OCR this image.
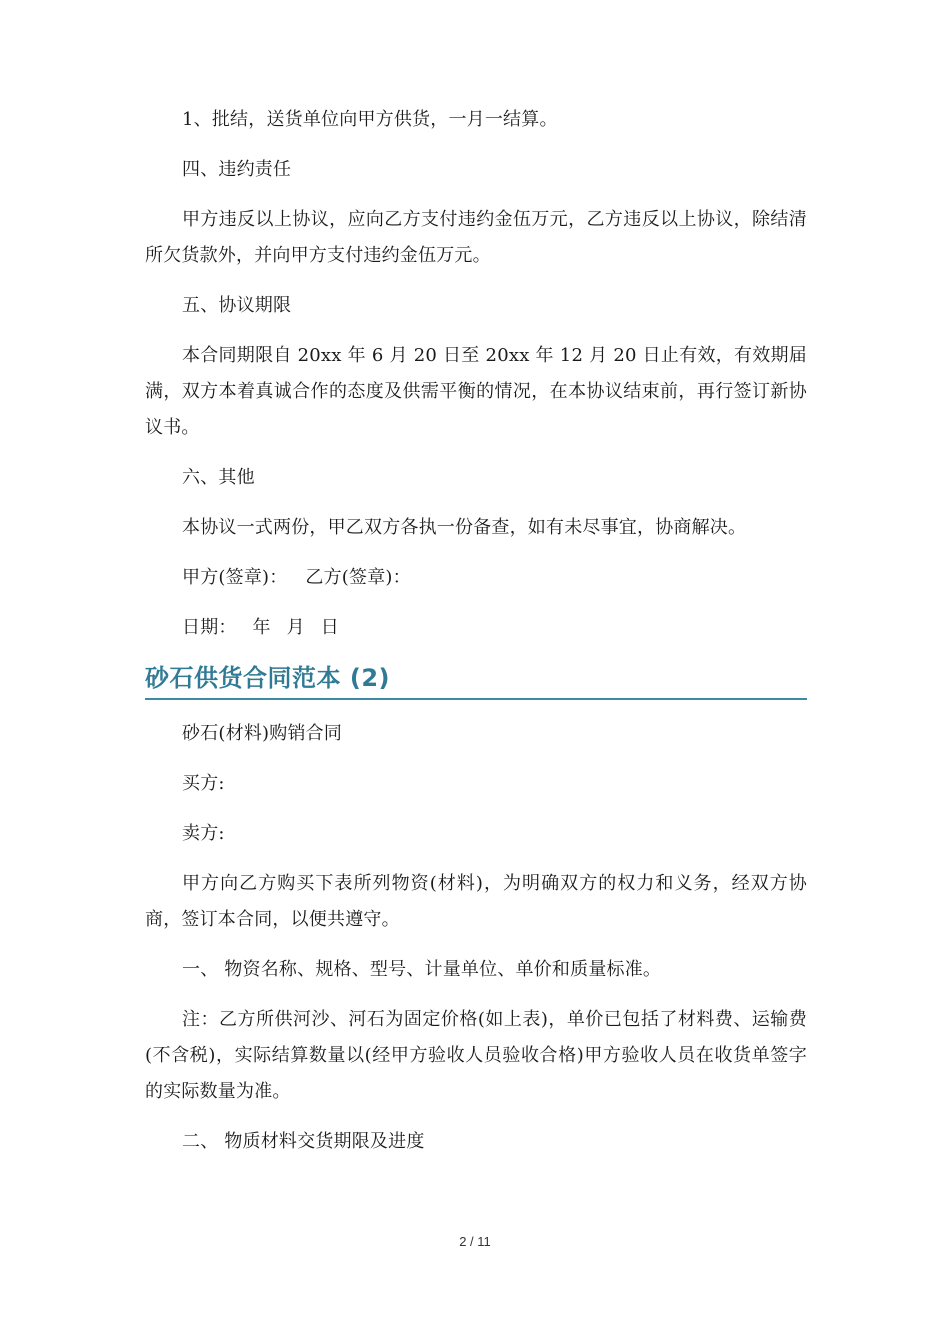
1、批结，送货单位向甲方供货，一月一结算。

四、违约责任

甲方违反以上协议，应向乙方支付违约金伍万元，乙方违反以上协议，除结清所欠货款外，并向甲方支付违约金伍万元。

五、协议期限

本合同期限自 20xx 年 6 月 20 日至 20xx 年 12 月 20 日止有效，有效期届满，双方本着真诚合作的态度及供需平衡的情况，在本协议结束前，再行签订新协议书。

六、其他

本协议一式两份，甲乙双方各执一份备查，如有未尽事宜，协商解决。

甲方(签章)： 乙方(签章)：

日期： 年 月 日

砂石供货合同范本 (2)

砂石(材料)购销合同

买方:

卖方:

甲方向乙方购买下表所列物资(材料)，为明确双方的权力和义务，经双方协商，签订本合同，以便共遵守。

一、 物资名称、规格、型号、计量单位、单价和质量标准。

注：乙方所供河沙、河石为固定价格(如上表)，单价已包括了材料费、运输费(不含税)，实际结算数量以(经甲方验收人员验收合格)甲方验收人员在收货单签字的实际数量为准。

二、 物质材料交货期限及进度

2 / 11
